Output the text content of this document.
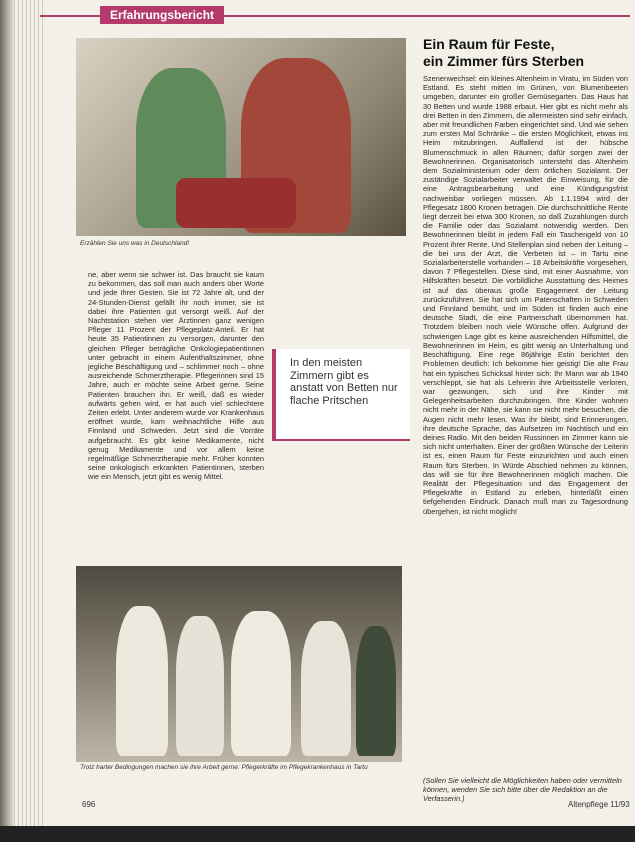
Erfahrungsbericht
Erzählen Sie uns was in Deutschland!

ne, aber wenn sie schwer ist. Das braucht sie kaum zu bekommen, das soll man auch anders über Worte und jede Ihrer Gesten. Sie ist 72 Jahre alt, und der 24-Stunden-Dienst gefällt ihr noch immer, sie ist dabei ihre Patienten gut versorgt weiß. Auf der Nachtstation stehen vier Ärztinnen ganz wenigen Pfleger 11 Prozent der Pflegeplatz-Anteil. Er hat heute 35 Patientinnen zu versorgen, darunter den gleichen Pfleger beträgliche Onkologiepatientinnen unter gebracht in einem Aufenthaltszimmer, ohne jegliche Beschäftigung und – schlimmer noch – ohne ausreichende Schmerztherapie. Pflegerinnen sind 15 Jahre, auch er möchte seine Arbeit gerne. Seine Patienten brauchen ihn. Er weiß, daß es wieder aufwärts gehen wird, er hat auch viel schlechtere Zeiten erlebt. Unter anderem wurde vor Krankenhaus eröffnet wurde, kam weihnachtliche Hilfe aus Finnland und Schweden. Jetzt sind die Vorräte aufgebraucht. Es gibt keine Medikamente, nicht genug Medikamente und vor allem keine regelmäßige Schmerztherapie mehr. Früher konnten seine onkologisch erkrankten Patientinnen, sterben wie ein Mensch, jetzt gibt es wenig Mittel.

In den meisten Zimmern gibt es anstatt von Betten nur flache Pritschen
Trotz harter Bedingungen machen sie ihre Arbeit gerne: Pflegerkräfte im Pflegekrankenhaus in Tartu
Ein Raum für Feste,
ein Zimmer fürs Sterben

Szenenwechsel: ein kleines Altenheim in Viratu, im Süden von Estland. Es steht mitten im Grünen, von Blumenbeeten umgeben, darunter ein großer Gemüsegarten. Das Haus hat 30 Betten und wurde 1988 erbaut. Hier gibt es nicht mehr als drei Betten in den Zimmern, die allermeisten sind sehr einfach, aber mit freundlichen Farben eingerichtet sind. Und wie sehen zum ersten Mal Schränke – die ersten Möglichkeit, etwas ins Heim mitzubringen. Auffallend ist der hübsche Blumenschmuck in allen Räumen; dafür sorgen zwei der Bewohnerinnen. Organisatorisch untersteht das Altenheim dem Sozialministerium oder dem örtlichen Sozialamt. Der zuständige Sozialarbeiter verwaltet die Einweisung, für die eine Antragsbearbeitung und eine Kündigungsfrist nachweisbar vorliegen müssen. Ab 1.1.1994 wird der Pflegesatz 1800 Kronen betragen. Die durchschnittliche Rente liegt derzeit bei etwa 300 Kronen, so daß Zuzahlungen durch die Familie oder das Sozialamt notwendig werden. Den Bewohnerinnen bleibt in jedem Fall ein Taschengeld von 10 Prozent ihrer Rente. Und Stellenplan sind neben der Leitung – die bei uns der Arzt, die Verbeten ist – in Tartu eine Sozialarbeiterstelle vorhanden – 18 Arbeitskräfte vorgesehen, davon 7 Pflegestellen. Diese sind, mit einer Ausnahme, von Hilfskräften besetzt. Die vorbildliche Ausstattung des Heimes ist auf das überaus große Engagement der Leitung zurückzuführen. Sie hat sich um Patenschaften in Schweden und Finnland bemüht, und im Süden ist finden auch eine deutsche Stadt, die eine Partnerschaft übernommen hat. Trotzdem bleiben noch viele Wünsche offen. Aufgrund der schwierigen Lage gibt es keine ausreichenden Hilfsmittel, die Bewohnerinnen im Heim, es gibt wenig an Unterhaltung und Beschäftigung. Eine rege 86jährige Estin berichtet den Problemen deutlich: Ich bekomme hier geistig! Die alte Frau hat ein typisches Schicksal hinter sich: Ihr Mann war ab 1940 verschleppt, sie hat als Lehrerin ihre Arbeitsstelle verloren, war gezwungen, sich und ihre Kinder mit Gelegenheitsarbeiten durchzubringen. Ihre Kinder wohnen nicht mehr in der Nähe, sie kann sie nicht mehr besuchen, die Augen nicht mehr lesen. Was ihr bleibt, sind Erinnerungen, ihre deutsche Sprache, das Aufsetzen im Nachtisch und ein deines Radio. Mit den beiden Russinnen im Zimmer kann sie sich nicht unterhalten. Einer der größten Wünsche der Leiterin ist es, einen Raum für Feste einzurichten und auch einen Raum fürs Sterben. In Würde Abschied nehmen zu können, das will sie für ihre Bewohnerinnen möglich machen. Die Realität der Pflegesituation und das Engagement der Pflegekräfte in Estland zu erleben, hinterläßt einen tiefgehenden Eindruck. Danach muß man zu Tagesordnung übergehen, ist nicht möglich!

(Sollen Sie vielleicht die Möglichkeiten haben oder vermitteln können, wenden Sie sich bitte über die Redaktion an die Verfasserin.)
696	Altenpflege 11/93
